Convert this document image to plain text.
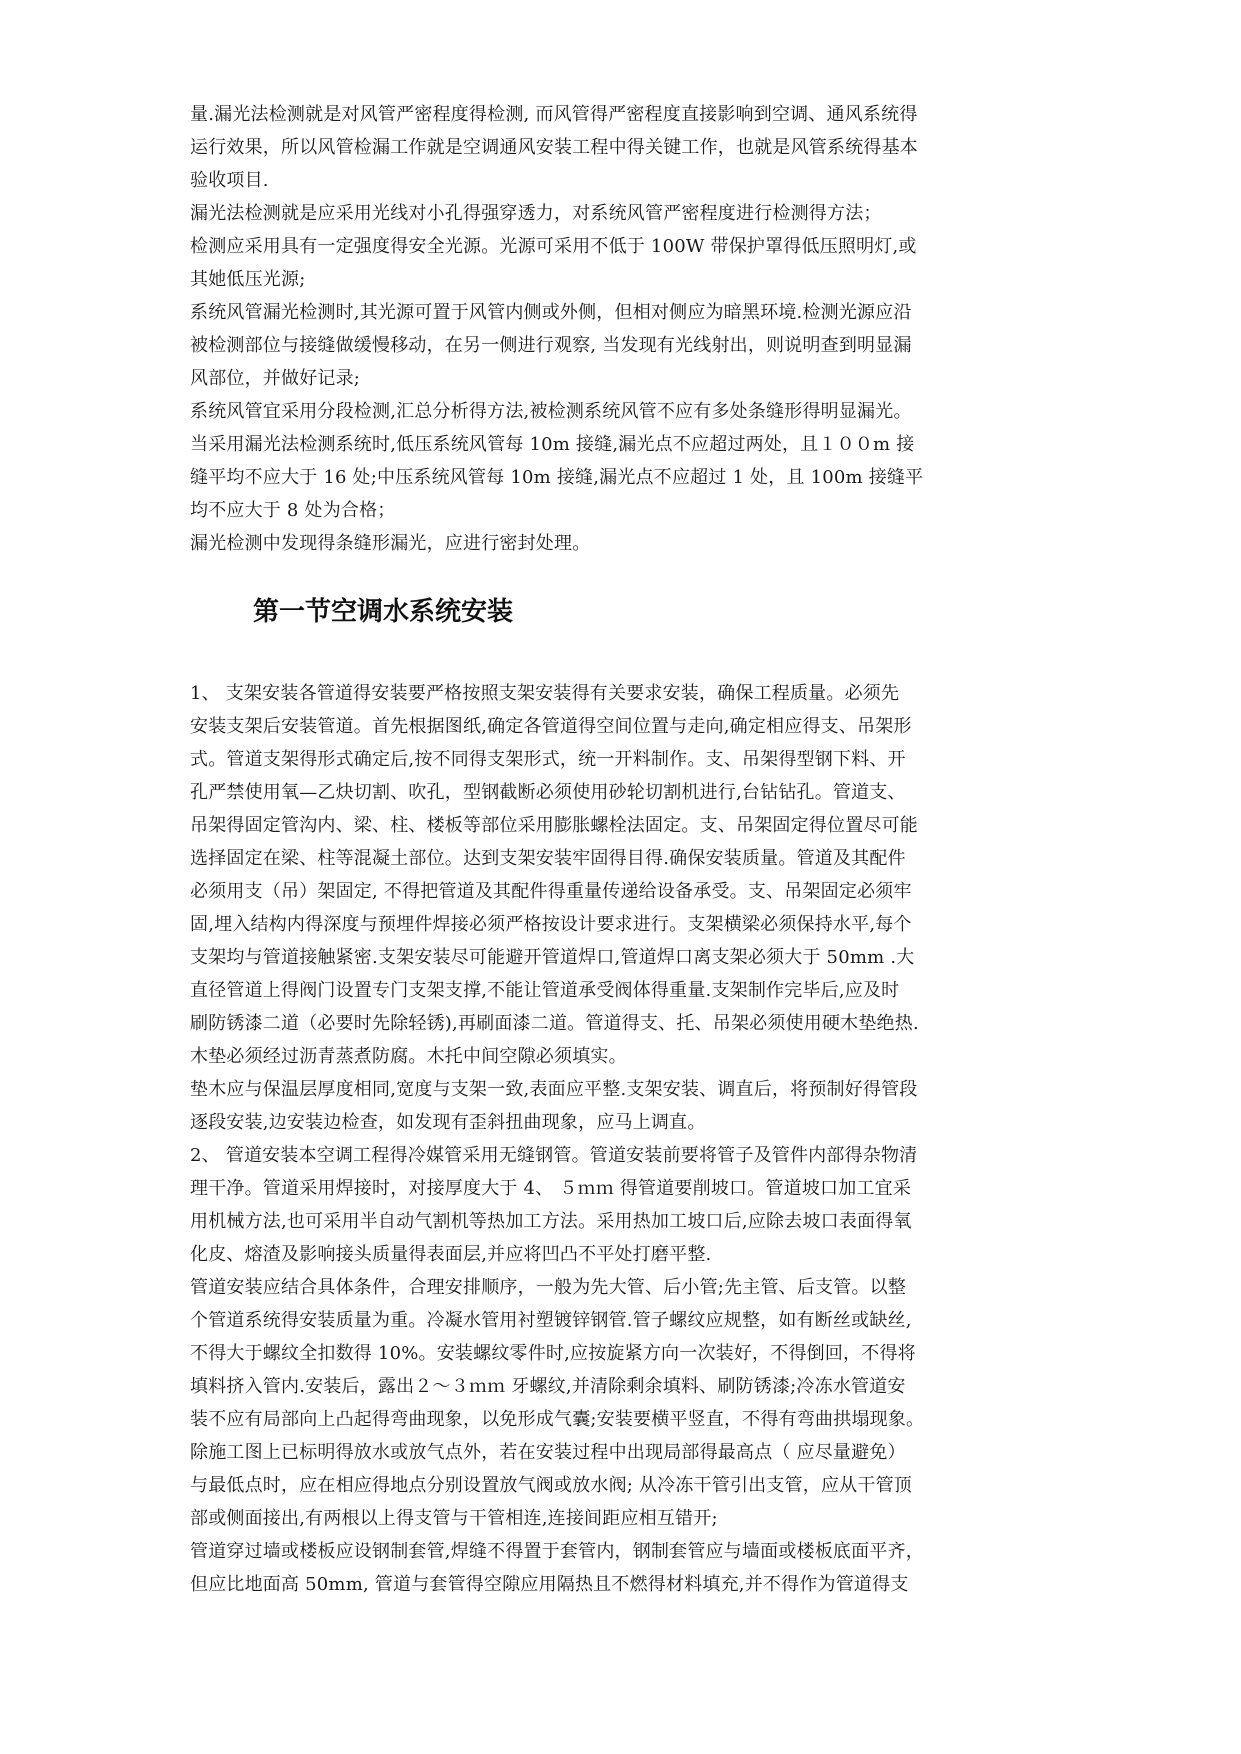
量.漏光法检测就是对风管严密程度得检测, 而风管得严密程度直接影响到空调、通风系统得
运行效果，所以风管检漏工作就是空调通风安装工程中得关键工作，也就是风管系统得基本
验收项目.
漏光法检测就是应采用光线对小孔得强穿透力，对系统风管严密程度进行检测得方法；
检测应采用具有一定强度得安全光源。光源可采用不低于 100W 带保护罩得低压照明灯,或
其她低压光源;
系统风管漏光检测时,其光源可置于风管内侧或外侧，但相对侧应为暗黑环境.检测光源应沿
被检测部位与接缝做缓慢移动，在另一侧进行观察, 当发现有光线射出，则说明查到明显漏
风部位，并做好记录;
系统风管宜采用分段检测,汇总分析得方法,被检测系统风管不应有多处条缝形得明显漏光。
当采用漏光法检测系统时,低压系统风管每 10m 接缝,漏光点不应超过两处，且１００m 接
缝平均不应大于 16 处;中压系统风管每 10m 接缝,漏光点不应超过 1 处，且 100m 接缝平
均不应大于 8 处为合格；
漏光检测中发现得条缝形漏光，应进行密封处理。
第一节空调水系统安装
1、 支架安装各管道得安装要严格按照支架安装得有关要求安装，确保工程质量。必须先
安装支架后安装管道。首先根据图纸,确定各管道得空间位置与走向,确定相应得支、吊架形
式。管道支架得形式确定后,按不同得支架形式，统一开料制作。支、吊架得型钢下料、开
孔严禁使用氧—乙炔切割、吹孔，型钢截断必须使用砂轮切割机进行,台钻钻孔。管道支、
吊架得固定管沟内、梁、柱、楼板等部位采用膨胀螺栓法固定。支、吊架固定得位置尽可能
选择固定在梁、柱等混凝土部位。达到支架安装牢固得目得.确保安装质量。管道及其配件
必须用支（吊）架固定, 不得把管道及其配件得重量传递给设备承受。支、吊架固定必须牢
固,埋入结构内得深度与预埋件焊接必须严格按设计要求进行。支架横梁必须保持水平,每个
支架均与管道接触紧密.支架安装尽可能避开管道焊口,管道焊口离支架必须大于 50mm .大
直径管道上得阀门设置专门支架支撑,不能让管道承受阀体得重量.支架制作完毕后,应及时
刷防锈漆二道（必要时先除轻锈),再刷面漆二道。管道得支、托、吊架必须使用硬木垫绝热.
木垫必须经过沥青蒸煮防腐。木托中间空隙必须填实。
垫木应与保温层厚度相同,宽度与支架一致,表面应平整.支架安装、调直后，将预制好得管段
逐段安装,边安装边检查，如发现有歪斜扭曲现象，应马上调直。
2、 管道安装本空调工程得冷媒管采用无缝钢管。管道安装前要将管子及管件内部得杂物清
理干净。管道采用焊接时，对接厚度大于 4、 ５ｍｍ 得管道要削坡口。管道坡口加工宜采
用机械方法,也可采用半自动气割机等热加工方法。采用热加工坡口后,应除去坡口表面得氧
化皮、熔渣及影响接头质量得表面层,并应将凹凸不平处打磨平整.
管道安装应结合具体条件，合理安排顺序，一般为先大管、后小管;先主管、后支管。以整
个管道系统得安装质量为重。冷凝水管用衬塑镀锌钢管.管子螺纹应规整，如有断丝或缺丝,
不得大于螺纹全扣数得 10%。安装螺纹零件时,应按旋紧方向一次装好，不得倒回，不得将
填料挤入管内.安装后，露出２～３ｍｍ 牙螺纹,并清除剩余填料、刷防锈漆;冷冻水管道安
装不应有局部向上凸起得弯曲现象，以免形成气囊;安装要横平竖直，不得有弯曲拱塌现象。
除施工图上已标明得放水或放气点外，若在安装过程中出现局部得最高点（ 应尽量避免）
与最低点时，应在相应得地点分别设置放气阀或放水阀; 从冷冻干管引出支管，应从干管顶
部或侧面接出,有两根以上得支管与干管相连,连接间距应相互错开;
管道穿过墙或楼板应设钢制套管,焊缝不得置于套管内，钢制套管应与墙面或楼板底面平齐，
但应比地面高 50mm, 管道与套管得空隙应用隔热且不燃得材料填充,并不得作为管道得支
